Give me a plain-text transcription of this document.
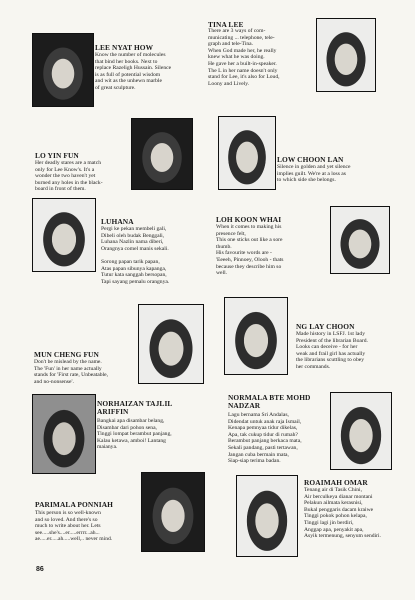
LEE NYAT HOW
TINA LEE
LO YIN FUN	LOW CHOON LAN
LUHANA	LOH KOON WHAI
MUN CHENG FUN
NG LAY CHOON
NORHAIZAN TAJLIL ARIFFIN
NORMALA BTE MOHD NADZAR
PARIMALA PONNIAH
ROAIMAH OMAR

Know the number of molecules
that bind her books. Next to
replace Razeligh Hussain. Silence
is as full of potential wisdom
and wit as the unhewn marble
of great sculpture.

There are 3 ways of com-
municating ... telephone, tele-
graph and tele-Tina.
When God made her, he really
knew what he was doing.
He gave her a built-in-speaker.
The L in her name doesn't only
stand for Lee, it's also for Loud,
Loony and Lively.

Her deadly stares are a match
only for Lee Know's. It's a
wonder the two haven't yet
burned any holes in the black-
board in front of them.

Silence in golden and yet silence
implies guilt. We're at a loss as
to which side she belongs.

Pergi ke pekan membeli gali,
Dibeli oleh budak Benggali,
Luhana Nazlin nama diberi,
Orangnya comel manis sekali.

Sorong papan tarik papan,
Atas papan sibunya kapanga,
Tutur kata sanggah bersopan,
Tapi sayang pemalu orangnya.

When it comes to making his
presence felt,
This one sticks out like a sore
thumb.
His favourite words are -
'Eeeeh, Pinnoey, Olooh - thats
because they describe him so
well.

Don't be mislead by the name.
The 'Fun' in her name actually
stands for 'First rate, Unbeatable,
and no-nonsense'.

Made history in LSFJ. 1st lady
President of the librarian Board.
Looks can deceive - for her
weak and frail girl has actually
the librarians scuttling to obey
her commands.

Bangkai apa disambar belang,
Disambar dari pohon sena,
Tinggi lompat berambut panjang,
Kalau ketawa, amboi! Lantang
maianya.

Lagu bernama Sri Andalas,
Didendat untuk anak raja Ismail,
Kenapa pemnyaa tidur dikelas,
Apa, tak cukup tidur di rumah?
Berambut panjang berkaca mata,
Sekali pandang, pasti tertawan,
Jangan cuba bermain mata,
Siap-siap terima badan.

This person is so well-known
and so loved. And there's so
much to write about her. Lets
see.....she's....er.....errrr...ah...
ae.....er.....ah.....well,.. never mind.

Tenang air di Tasik Chini,
Air berculkeya dianar montani
Pelakun ailmata kerasnisi,
Bukal penggaris dacam kraiwe
Tinggi pokok pohon kelapa,
Tinggi lagi jin berdiri,
Anggap apa, penyakit apa,
Asyik termenung, senyum sendiri.

86
